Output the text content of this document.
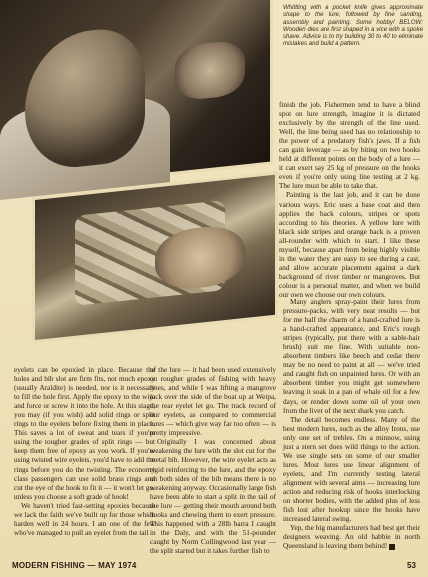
Whittling with a pocket knife gives approximate shape to the lure, followed by fine sanding, assembly and painting. Some hobby! BELOW: Wooden dies are first shaped in a vice with a spoke shave. Advice is to try building 30 to 40 to eliminate mistakes and build a pattern.

finish the job. Fishermen tend to have a blind spot on lure strength, imagine it is dictated exclusively by the strength of the line used. Well, the line being used has no relationship to the power of a predatory fish's jaws. If a fish can gain leverage — as by biting on two hooks held at different points on the body of a lure — it can exert say 25 kg of pressure on the hooks even if you're only using line testing at 2 kg. The lure must be able to take that.

Painting is the last job, and it can be done various ways. Eric uses a base coat and then applies the back colours, stripes or spots according to his theories. A yellow lure with black side stripes and orange back is a proven all-rounder with which to start. I like these myself, because apart from being highly visible in the water they are easy to see during a cast, and allow accurate placement against a dark background of river timber or mangroves. But colour is a personal matter, and when we build our own we choose our own colours.

Many anglers spray-paint their lures from pressure-packs, with very neat results — but for me half the charm of a hand-crafted lure is a hand-crafted appearance, and Eric's rough stripes (typically, put there with a sable-hair brush) suit me fine. With suitable non-absorbent timbers like beech and cedar there may be no need to paint at all — we've tried and caught fish on unpainted lures. Or with an absorbent timber you might get somewhere leaving it soak in a pan of whale oil for a few days, or render down some oil of your own from the liver of the next shark you catch.

The detail becomes endless. Many of the best modern lures, such as the alloy Irons, use only one set of trebles. On a minnow, using just a stern set does wild things to the action. We use single sets on some of our smaller lures. Most lures use linear alignment of eyelets, and I'm currently testing lateral alignment with several aims — increasing lure action and reducing risk of hooks interlocking on shorter bodies, with the added plus of less fish lost after hookup since the hooks have increased lateral swing.

Yep, the big manufacturers had best get their designers weaving. An old habbie in north Queensland is leaving them behind!

eyelets can be epoxied in place. Because the holes and bib slot are firm fits, not much epoxy (usually Araldite) is needed, nor is it necessary to fill the hole first. Apply the epoxy to the wire and force or screw it into the hole. At this stage, you may (if you wish) add solid rings or split rings to the eyelets before fixing them in place. This saves a lot of sweat and tears if you're using the tougher grades of split rings — but keep them free of epoxy as you work. If you're using twisted wire eyelets, you'd have to add the rings before you do the twisting. The economy class passengers can use solid brass rings and cut the eye of the hook to fit it — it won't let go, unless you choose a soft grade of hook!

We haven't tried fast-setting epoxies because we lack the faith we've built up for those which harden well in 24 hours. I am one of the few who've managed to pull an eyelet from the tail

of the lure — it had been used extensively on rougher grades of fishing with heavy lines, and while I was lifting a mangrove jack over the side of the boat up at Weipa, the rear eyelet let go. The track record of our eyelets, as compared to commercial lures — which give way far too often — is pretty impressive.

Originally I was concerned about weakening the lure with the slot cut for the metal bib. However, the wire eyelet acts as rigid reinforcing to the lure, and the epoxy on both sides of the bib means there is no weakening anyway. Occasionally large fish have been able to start a split in the tail of the lure — getting their mouth around both hooks and chewing them to exert pressure. This happened with a 28lb barra I caught in the Daly, and with the 51-pounder caught by Norm Collingwood last year — the split started but it takes further fish to

MODERN FISHING — MAY 1974	53
